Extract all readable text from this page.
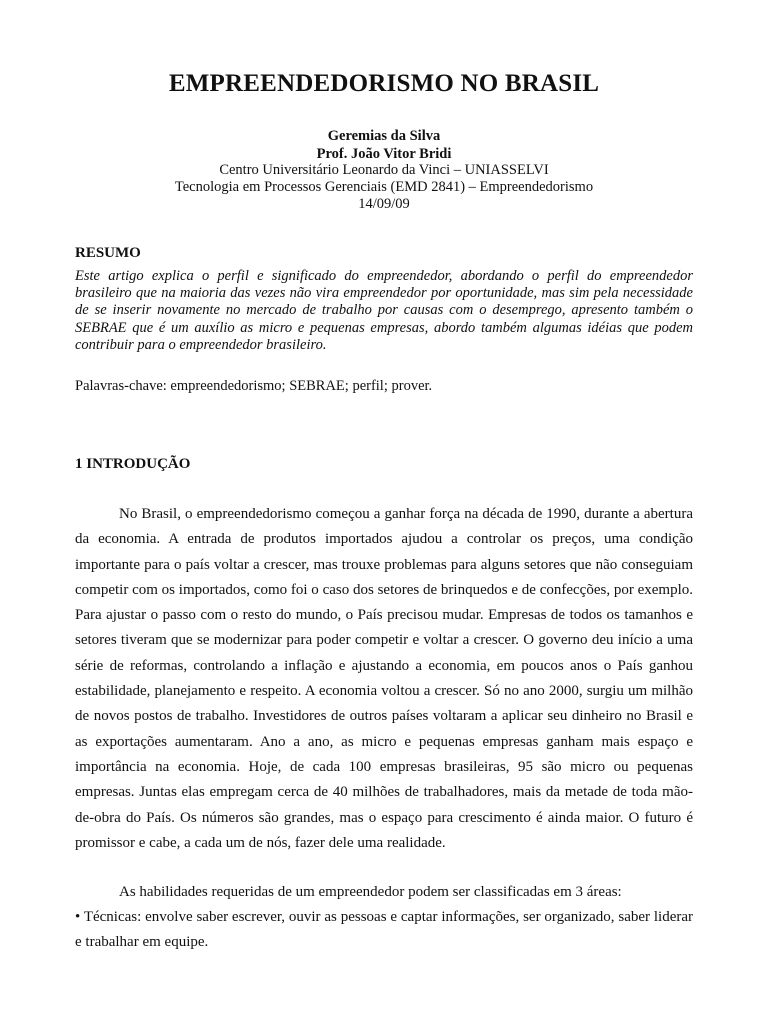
EMPREENDEDORISMO NO BRASIL

Geremias da Silva

Prof. João Vitor Bridi

Centro Universitário Leonardo da Vinci – UNIASSELVI

Tecnologia em Processos Gerenciais (EMD 2841) – Empreendedorismo

14/09/09

RESUMO

Este artigo explica o perfil e significado do empreendedor, abordando o perfil do empreendedor brasileiro que na maioria das vezes não vira empreendedor por oportunidade, mas sim pela necessidade de se inserir novamente no mercado de trabalho por causas com o desemprego, apresento também o SEBRAE que é um auxílio as micro e pequenas empresas, abordo também algumas idéias que podem contribuir para o empreendedor brasileiro.

Palavras-chave: empreendedorismo; SEBRAE; perfil; prover.

1 INTRODUÇÃO

No Brasil, o empreendedorismo começou a ganhar força na década de 1990, durante a abertura da economia. A entrada de produtos importados ajudou a controlar os preços, uma condição importante para o país voltar a crescer, mas trouxe problemas para alguns setores que não conseguiam competir com os importados, como foi o caso dos setores de brinquedos e de confecções, por exemplo. Para ajustar o passo com o resto do mundo, o País precisou mudar. Empresas de todos os tamanhos e setores tiveram que se modernizar para poder competir e voltar a crescer. O governo deu início a uma série de reformas, controlando a inflação e ajustando a economia, em poucos anos o País ganhou estabilidade, planejamento e respeito. A economia voltou a crescer. Só no ano 2000, surgiu um milhão de novos postos de trabalho. Investidores de outros países voltaram a aplicar seu dinheiro no Brasil e as exportações aumentaram. Ano a ano, as micro e pequenas empresas ganham mais espaço e importância na economia. Hoje, de cada 100 empresas brasileiras, 95 são micro ou pequenas empresas. Juntas elas empregam cerca de 40 milhões de trabalhadores, mais da metade de toda mão-de-obra do País. Os números são grandes, mas o espaço para crescimento é ainda maior. O futuro é promissor e cabe, a cada um de nós, fazer dele uma realidade.

As habilidades requeridas de um empreendedor podem ser classificadas em 3 áreas:

• Técnicas: envolve saber escrever, ouvir as pessoas e captar informações, ser organizado, saber liderar e trabalhar em equipe.
